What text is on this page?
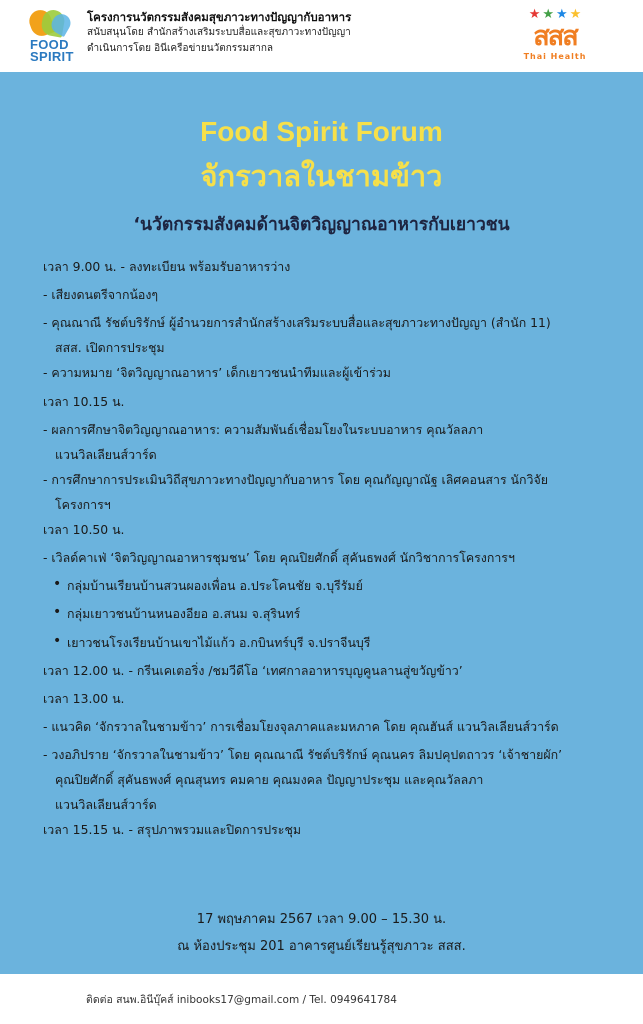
FOOD
SPIRIT
โครงการนวัตกรรมสังคมสุขภาวะทางปัญญากับอาหาร
สนับสนุนโดย สำนักสร้างเสริมระบบสื่อและสุขภาวะทางปัญญา
ดำเนินการโดย อินีเครือข่ายนวัตกรรมสากล
★ ★ ★ ★
สสส
Thai Health
Food Spirit Forum
จักรวาลในชามข้าว
‘นวัตกรรมสังคมด้านจิตวิญญาณอาหารกับเยาวชน
เวลา 9.00 น. - ลงทะเบียน พร้อมรับอาหารว่าง
- เสียงดนตรีจากน้องๆ
- คุณณาณี รัชต์บริรักษ์ ผู้อำนวยการสำนักสร้างเสริมระบบสื่อและสุขภาวะทางปัญญา (สำนัก 11)
สสส. เปิดการประชุม
- ความหมาย ‘จิตวิญญาณอาหาร’ เด็กเยาวชนนำทีมและผู้เข้าร่วม
เวลา 10.15 น.
- ผลการศึกษาจิตวิญญาณอาหาร: ความสัมพันธ์เชื่อมโยงในระบบอาหาร คุณวัลลภา
แวนวิลเลียนส์วาร์ด
- การศึกษาการประเมินวิถีสุขภาวะทางปัญญากับอาหาร โดย คุณกัญญาณัฐ เลิศคอนสาร นักวิจัย
โครงการฯ
เวลา 10.50 น.
- เวิลด์คาเฟ่ ‘จิตวิญญาณอาหารชุมชน’ โดย คุณปิยศักดิ์ สุคันธพงศ์ นักวิชาการโครงการฯ
• กลุ่มบ้านเรียนบ้านสวนผองเพื่อน อ.ประโคนชัย จ.บุรีรัมย์
• กลุ่มเยาวชนบ้านหนองอียอ อ.สนม จ.สุรินทร์
• เยาวชนโรงเรียนบ้านเขาไม้แก้ว อ.กบินทร์บุรี จ.ปราจีนบุรี
เวลา 12.00 น. - กรีนเคเตอริ่ง /ชมวีดีโอ ‘เทศกาลอาหารบุญคูนลานสู่ขวัญข้าว’
เวลา 13.00 น.
- แนวคิด ‘จักรวาลในชามข้าว’ การเชื่อมโยงจุลภาคและมหภาค โดย คุณฮันส์ แวนวิลเลียนส์วาร์ด
- วงอภิปราย ‘จักรวาลในชามข้าว’ โดย คุณณาณี รัชต์บริรักษ์ คุณนคร ลิมปคุปตถาวร ‘เจ้าชายผัก’
คุณปิยศักดิ์ สุคันธพงศ์ คุณสุนทร คมคาย คุณมงคล ปัญญาประชุม และคุณวัลลภา
แวนวิลเลียนส์วาร์ด
เวลา 15.15 น. - สรุปภาพรวมและปิดการประชุม
17 พฤษภาคม 2567 เวลา 9.00 – 15.30 น.
ณ ห้องประชุม 201 อาคารศูนย์เรียนรู้สุขภาวะ สสส.
ติดต่อ สนพ.อินีบุ๊คส์ inibooks17@gmail.com / Tel. 0949641784
